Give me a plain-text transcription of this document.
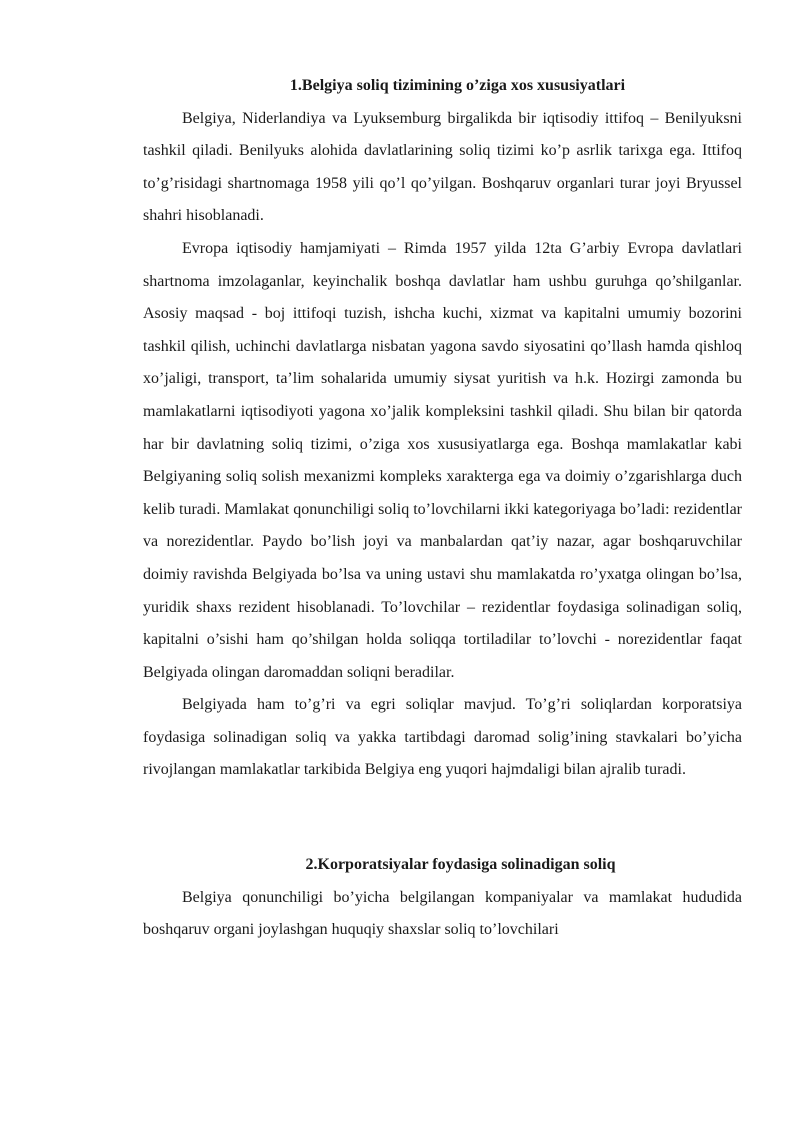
1.Belgiya soliq tizimining o’ziga xos xususiyatlari

Belgiya, Niderlandiya va Lyuksemburg birgalikda bir iqtisodiy ittifoq – Benilyuksni tashkil qiladi. Benilyuks alohida davlatlarining soliq tizimi ko’p asrlik tarixga ega. Ittifoq to’g’risidagi shartnomaga 1958 yili qo’l qo’yilgan. Boshqaruv organlari turar joyi Bryussel shahri hisoblanadi.

Evropa iqtisodiy hamjamiyati – Rimda 1957 yilda 12ta G’arbiy Evropa davlatlari shartnoma imzolaganlar, keyinchalik boshqa davlatlar ham ushbu guruhga qo’shilganlar. Asosiy maqsad - boj ittifoqi tuzish, ishcha kuchi, xizmat va kapitalni umumiy bozorini tashkil qilish, uchinchi davlatlarga nisbatan yagona savdo siyosatini qo’llash hamda qishloq xo’jaligi, transport, ta’lim sohalarida umumiy siysat yuritish va h.k. Hozirgi zamonda bu mamlakatlarni iqtisodiyoti yagona xo’jalik kompleksini tashkil qiladi. Shu bilan bir qatorda har bir davlatning soliq tizimi, o’ziga xos xususiyatlarga ega. Boshqa mamlakatlar kabi Belgiyaning soliq solish mexanizmi kompleks xarakterga ega va doimiy o’zgarishlarga duch kelib turadi. Mamlakat qonunchiligi soliq to’lovchilarni ikki kategoriyaga bo’ladi: rezidentlar va norezidentlar. Paydo bo’lish joyi va manbalardan qat’iy nazar, agar boshqaruvchilar doimiy ravishda Belgiyada bo’lsa va uning ustavi shu mamlakatda ro’yxatga olingan bo’lsa, yuridik shaxs rezident hisoblanadi. To’lovchilar – rezidentlar foydasiga solinadigan soliq, kapitalni o’sishi ham qo’shilgan holda soliqqa tortiladilar to’lovchi - norezidentlar faqat Belgiyada olingan daromaddan soliqni beradilar.

Belgiyada ham to’g’ri va egri soliqlar mavjud. To’g’ri soliqlardan korporatsiya foydasiga solinadigan soliq va yakka tartibdagi daromad solig’ining stavkalari bo’yicha rivojlangan mamlakatlar tarkibida Belgiya eng yuqori hajmdaligi bilan ajralib turadi.

2.Korporatsiyalar foydasiga solinadigan soliq

Belgiya qonunchiligi bo’yicha belgilangan kompaniyalar va mamlakat hududida boshqaruv organi joylashgan huquqiy shaxslar soliq to’lovchilari
